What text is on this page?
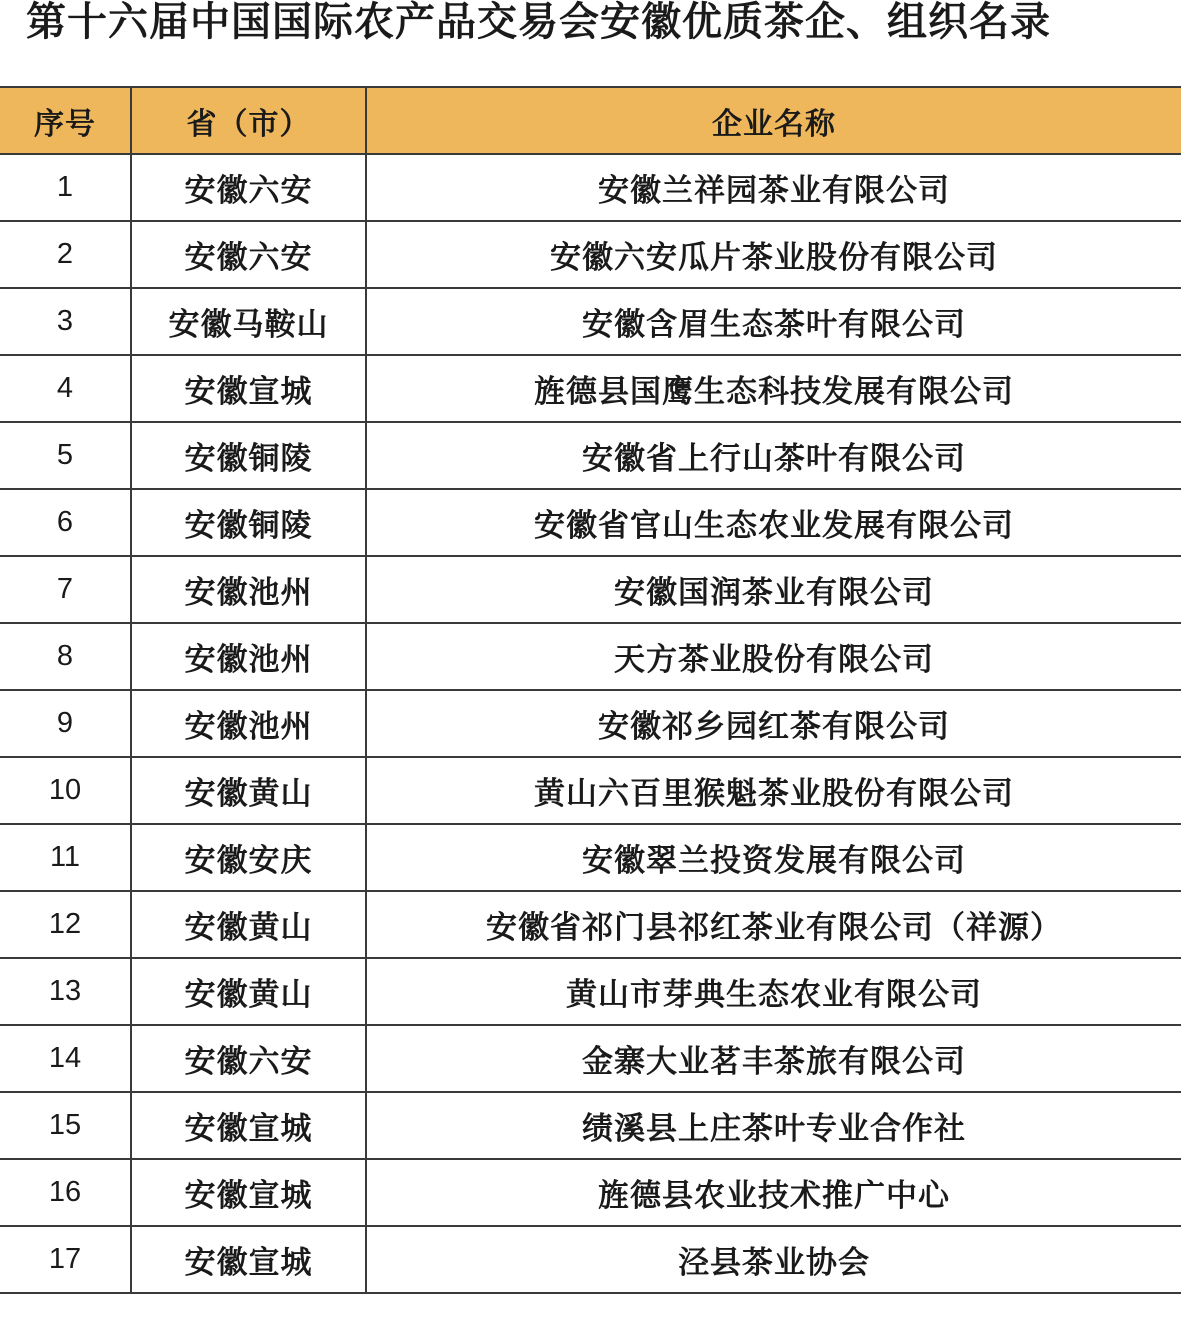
第十六届中国国际农产品交易会安徽优质茶企、组织名录
序号	省（市）	企业名称
1	安徽六安	安徽兰祥园茶业有限公司
2	安徽六安	安徽六安瓜片茶业股份有限公司
3	安徽马鞍山	安徽含眉生态茶叶有限公司
4	安徽宣城	旌德县国鹰生态科技发展有限公司
5	安徽铜陵	安徽省上行山茶叶有限公司
6	安徽铜陵	安徽省官山生态农业发展有限公司
7	安徽池州	安徽国润茶业有限公司
8	安徽池州	天方茶业股份有限公司
9	安徽池州	安徽祁乡园红茶有限公司
10	安徽黄山	黄山六百里猴魁茶业股份有限公司
11	安徽安庆	安徽翠兰投资发展有限公司
12	安徽黄山	安徽省祁门县祁红茶业有限公司（祥源）
13	安徽黄山	黄山市芽典生态农业有限公司
14	安徽六安	金寨大业茗丰茶旅有限公司
15	安徽宣城	绩溪县上庄茶叶专业合作社
16	安徽宣城	旌德县农业技术推广中心
17	安徽宣城	泾县茶业协会
